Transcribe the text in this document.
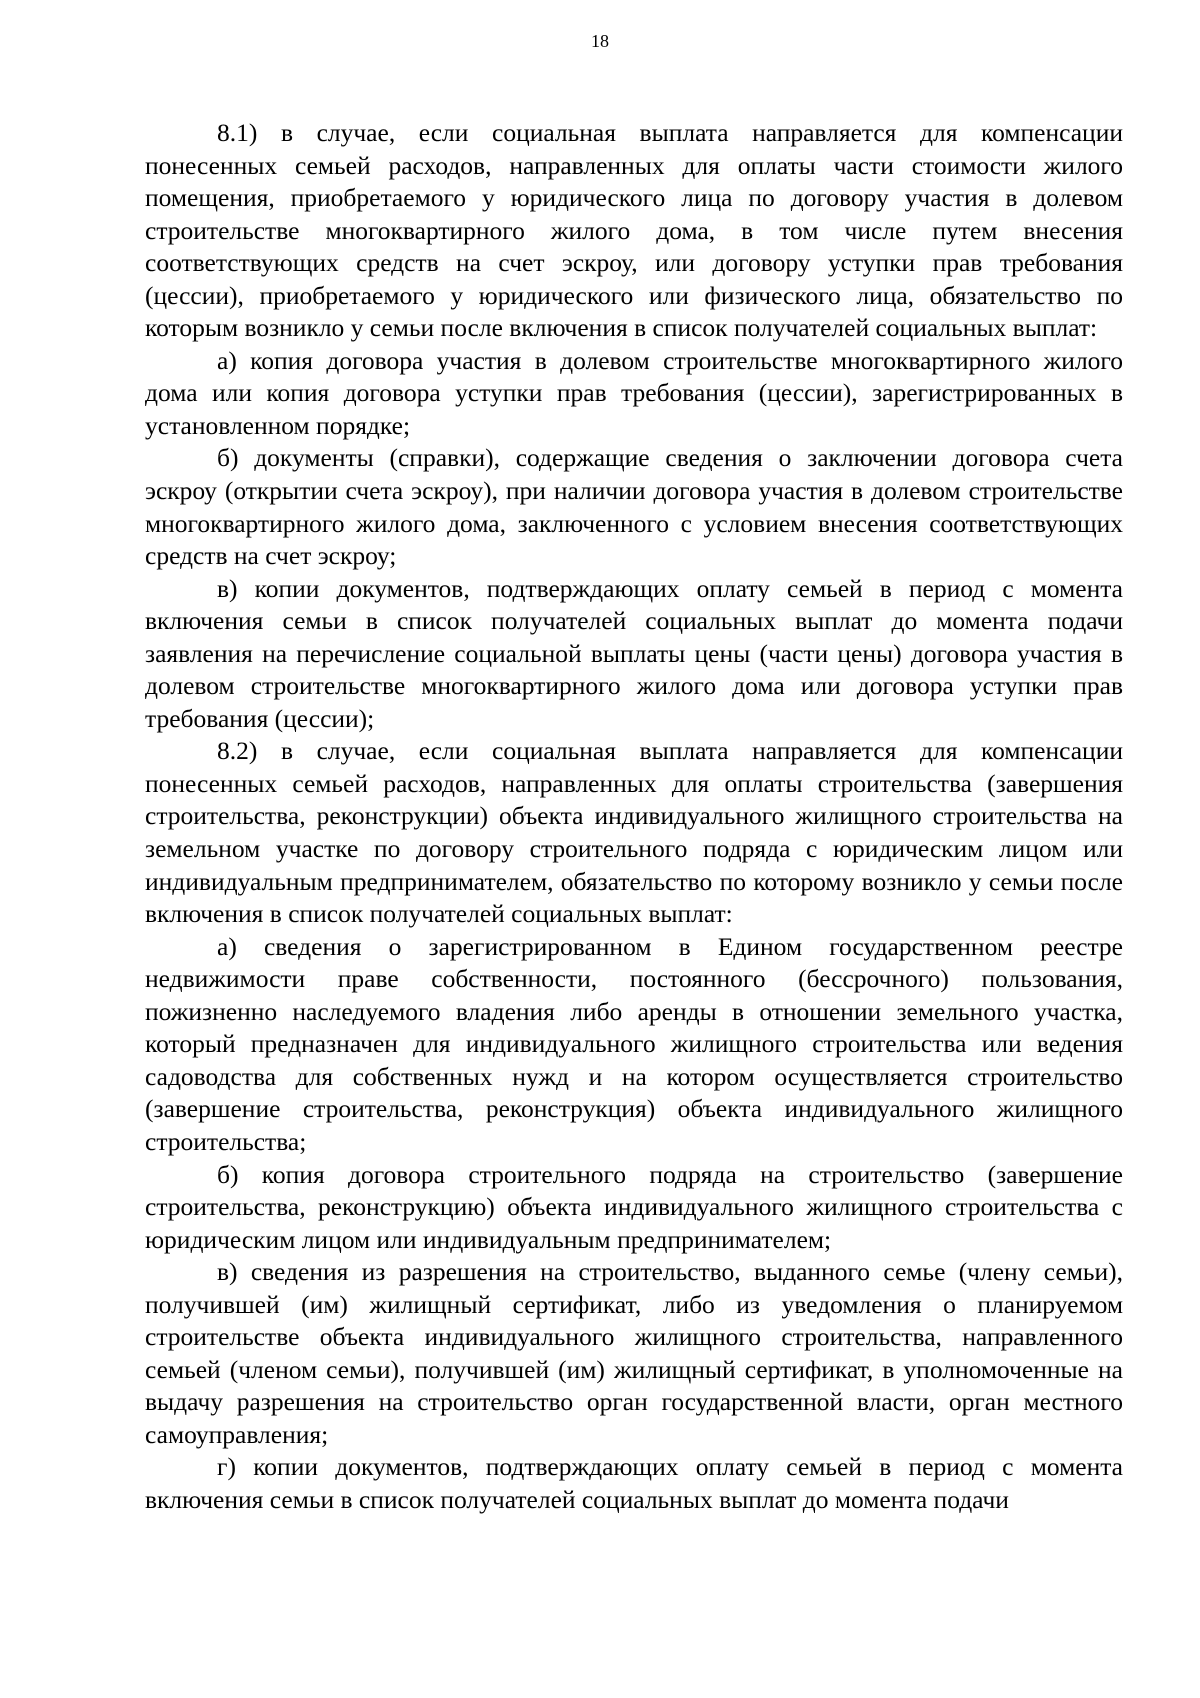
18

8.1) в случае, если социальная выплата направляется для компенсации понесенных семьей расходов, направленных для оплаты части стоимости жилого помещения, приобретаемого у юридического лица по договору участия в долевом строительстве многоквартирного жилого дома, в том числе путем внесения соответствующих средств на счет эскроу, или договору уступки прав требования (цессии), приобретаемого у юридического или физического лица, обязательство по которым возникло у семьи после включения в список получателей социальных выплат:

а) копия договора участия в долевом строительстве многоквартирного жилого дома или копия договора уступки прав требования (цессии), зарегистрированных в установленном порядке;

б) документы (справки), содержащие сведения о заключении договора счета эскроу (открытии счета эскроу), при наличии договора участия в долевом строительстве многоквартирного жилого дома, заключенного с условием внесения соответствующих средств на счет эскроу;

в) копии документов, подтверждающих оплату семьей в период с момента включения семьи в список получателей социальных выплат до момента подачи заявления на перечисление социальной выплаты цены (части цены) договора участия в долевом строительстве многоквартирного жилого дома или договора уступки прав требования (цессии);

8.2) в случае, если социальная выплата направляется для компенсации понесенных семьей расходов, направленных для оплаты строительства (завершения строительства, реконструкции) объекта индивидуального жилищного строительства на земельном участке по договору строительного подряда с юридическим лицом или индивидуальным предпринимателем, обязательство по которому возникло у семьи после включения в список получателей социальных выплат:

а) сведения о зарегистрированном в Едином государственном реестре недвижимости праве собственности, постоянного (бессрочного) пользования, пожизненно наследуемого владения либо аренды в отношении земельного участка, который предназначен для индивидуального жилищного строительства или ведения садоводства для собственных нужд и на котором осуществляется строительство (завершение строительства, реконструкция) объекта индивидуального жилищного строительства;

б) копия договора строительного подряда на строительство (завершение строительства, реконструкцию) объекта индивидуального жилищного строительства с юридическим лицом или индивидуальным предпринимателем;

в) сведения из разрешения на строительство, выданного семье (члену семьи), получившей (им) жилищный сертификат, либо из уведомления о планируемом строительстве объекта индивидуального жилищного строительства, направленного семьей (членом семьи), получившей (им) жилищный сертификат, в уполномоченные на выдачу разрешения на строительство орган государственной власти, орган местного самоуправления;

г) копии документов, подтверждающих оплату семьей в период с момента включения семьи в список получателей социальных выплат до момента подачи
